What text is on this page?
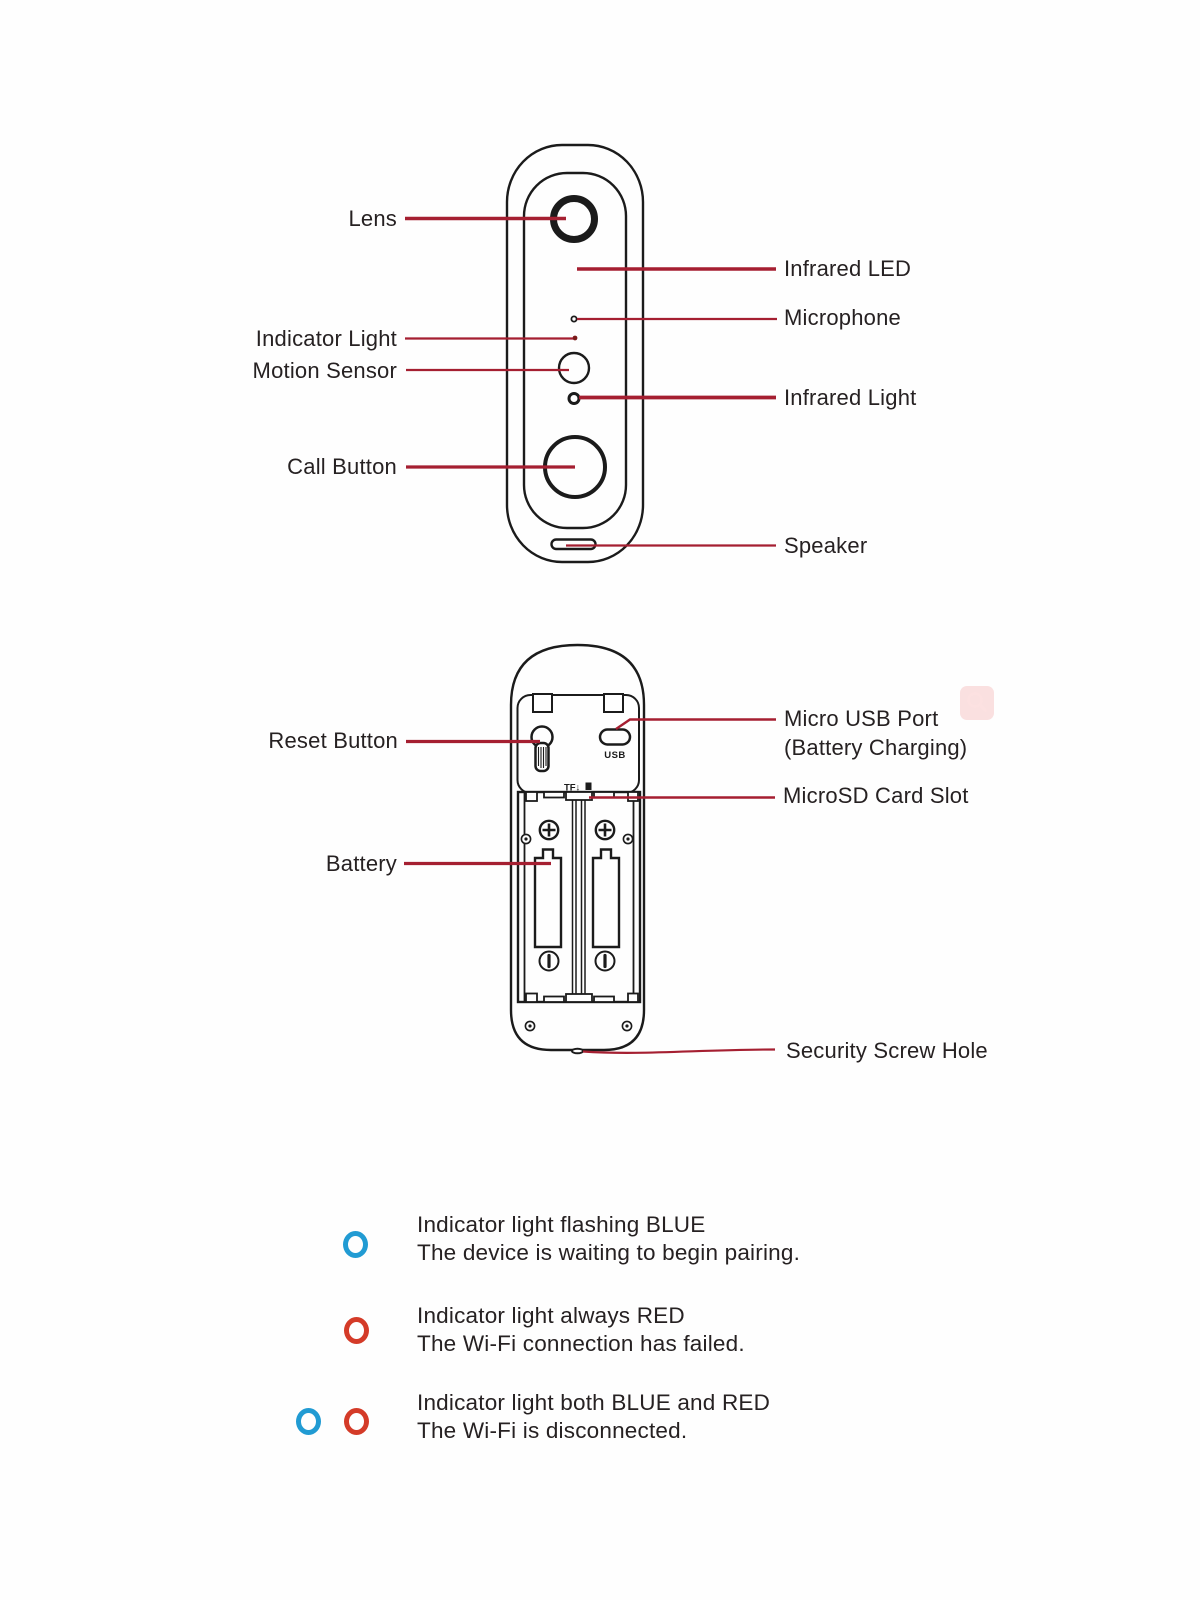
USB
TF↓
Lens
Indicator Light
Motion Sensor
Call Button
Infrared LED
Microphone
Infrared Light
Speaker
Reset Button
Battery
Micro USB Port
(Battery Charging)
MicroSD Card Slot
Security Screw Hole
Indicator light flashing BLUE
The device is waiting to begin pairing.
Indicator light always RED
The Wi-Fi connection has failed.
Indicator light both BLUE and RED
The Wi-Fi is disconnected.
